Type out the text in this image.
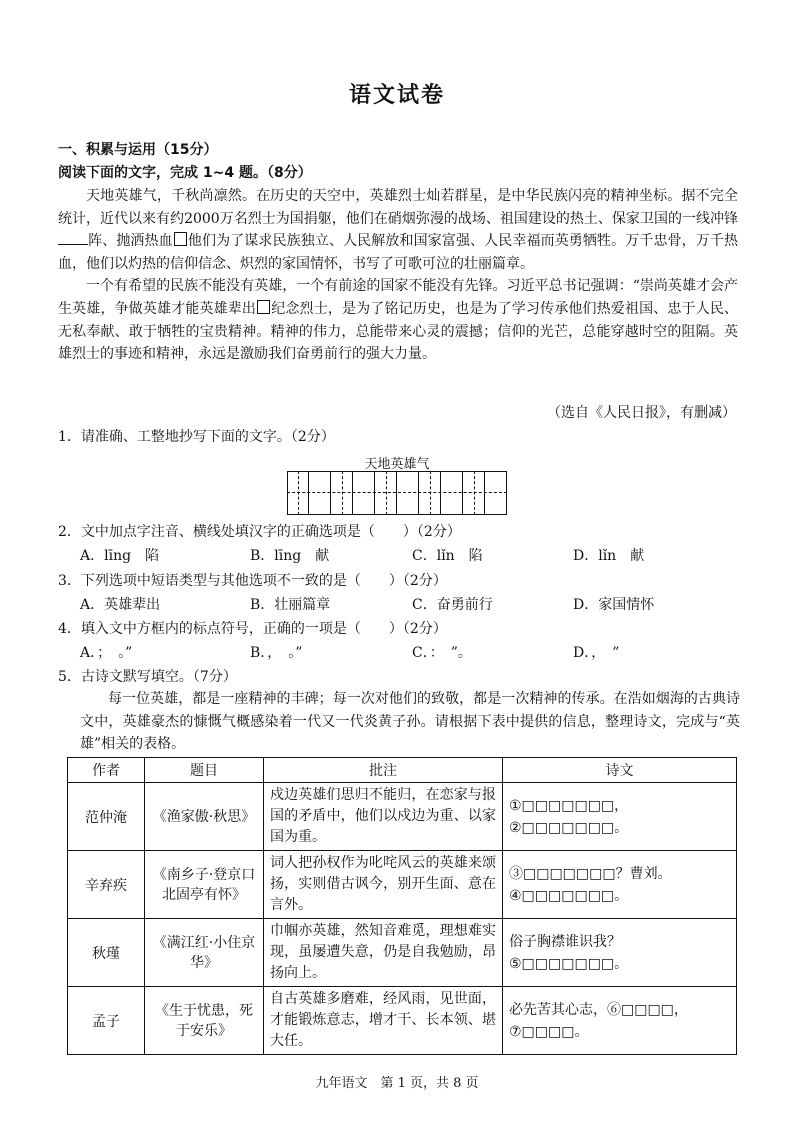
语文试卷
一、积累与运用（15分）
阅读下面的文字，完成 1~4 题。（8分）

天地英雄气，千秋尚凛然。在历史的天空中，英雄烈士灿若群星，是中华民族闪亮的精神坐标。据不完全统计，近代以来有约2000万名烈士为国捐躯，他们在硝烟弥漫的战场、祖国建设的热土、保家卫国的一线冲锋阵、抛洒热血 他们为了谋求民族独立、人民解放和国家富强、人民幸福而英勇牺牲。万千忠骨，万千热血，他们以灼热的信仰信念、炽烈的家国情怀，书写了可歌可泣的壮丽篇章。

一个有希望的民族不能没有英雄，一个有前途的国家不能没有先锋。习近平总书记强调：“崇尚英雄才会产生英雄，争做英雄才能英雄辈出 纪念烈士，是为了铭记历史，也是为了学习传承他们热爱祖国、忠于人民、无私奉献、敢于牺牲的宝贵精神。精神的伟力，总能带来心灵的震撼；信仰的光芒，总能穿越时空的阻隔。英雄烈士的事迹和精神，永远是激励我们奋勇前行的强大力量。

（选自《人民日报》，有删减）
1．请准确、工整地抄写下面的文字。（2分）
天地英雄气
2．文中加点字注音、横线处填汉字的正确选项是（　　）（2分）
A．līng　陷	B．līng　献	C．lǐn　陷	D．lǐn　献
3．下列选项中短语类型与其他选项不一致的是（　　）（2分）
A．英雄辈出	B．壮丽篇章	C．奋勇前行	D．家国情怀
4．填入文中方框内的标点符号，正确的一项是（　　）（2分）
A．；　。”	B．，　。”	C．：　”。	D．，　”
5．古诗文默写填空。（7分）

每一位英雄，都是一座精神的丰碑；每一次对他们的致敬，都是一次精神的传承。在浩如烟海的古典诗文中，英雄豪杰的慷慨气概感染着一代又一代炎黄子孙。请根据下表中提供的信息，整理诗文，完成与“英雄”相关的表格。

作者	题目	批注	诗文
范仲淹	《渔家傲·秋思》	戍边英雄们思归不能归，在恋家与报国的矛盾中，他们以戍边为重、以家国为重。	①□□□□□□□，
②□□□□□□□。

辛弃疾	《南乡子·登京口北固亭有怀》	词人把孙权作为叱咤风云的英雄来颂扬，实则借古讽今，别开生面、意在言外。	③□□□□□□□？曹刘。
④□□□□□□□。

秋瑾	《满江红·小住京华》	巾帼亦英雄，然知音难觅，理想难实现，虽屡遭失意，仍是自我勉励，昂扬向上。	俗子胸襟谁识我？
⑤□□□□□□□。

孟子	《生于忧患，死于安乐》	自古英雄多磨难，经风雨，见世面，才能锻炼意志，增才干、长本领、堪大任。	必先苦其心志，⑥□□□□，
⑦□□□□。
九年语文　第 1 页，共 8 页
